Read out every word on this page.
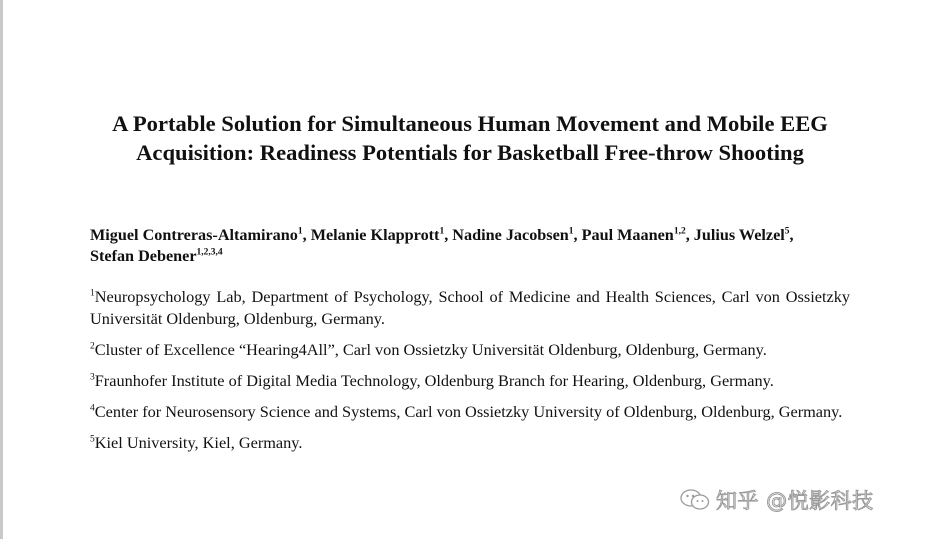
A Portable Solution for Simultaneous Human Movement and Mobile EEG Acquisition: Readiness Potentials for Basketball Free-throw Shooting
Miguel Contreras-Altamirano$^1$, Melanie Klapprott$^1$, Nadine Jacobsen$^1$, Paul Maanen$^{1,2}$, Julius Welzel$^5$, Stefan Debener$^{1,2,3,4}$

$^1$Neuropsychology Lab, Department of Psychology, School of Medicine and Health Sciences, Carl von Ossietzky Universität Oldenburg, Oldenburg, Germany.

$^2$Cluster of Excellence “Hearing4All”, Carl von Ossietzky Universität Oldenburg, Oldenburg, Germany.

$^3$Fraunhofer Institute of Digital Media Technology, Oldenburg Branch for Hearing, Oldenburg, Germany.

$^4$Center for Neurosensory Science and Systems, Carl von Ossietzky University of Oldenburg, Oldenburg, Germany.

$^5$Kiel University, Kiel, Germany.

知乎 @悦影科技
